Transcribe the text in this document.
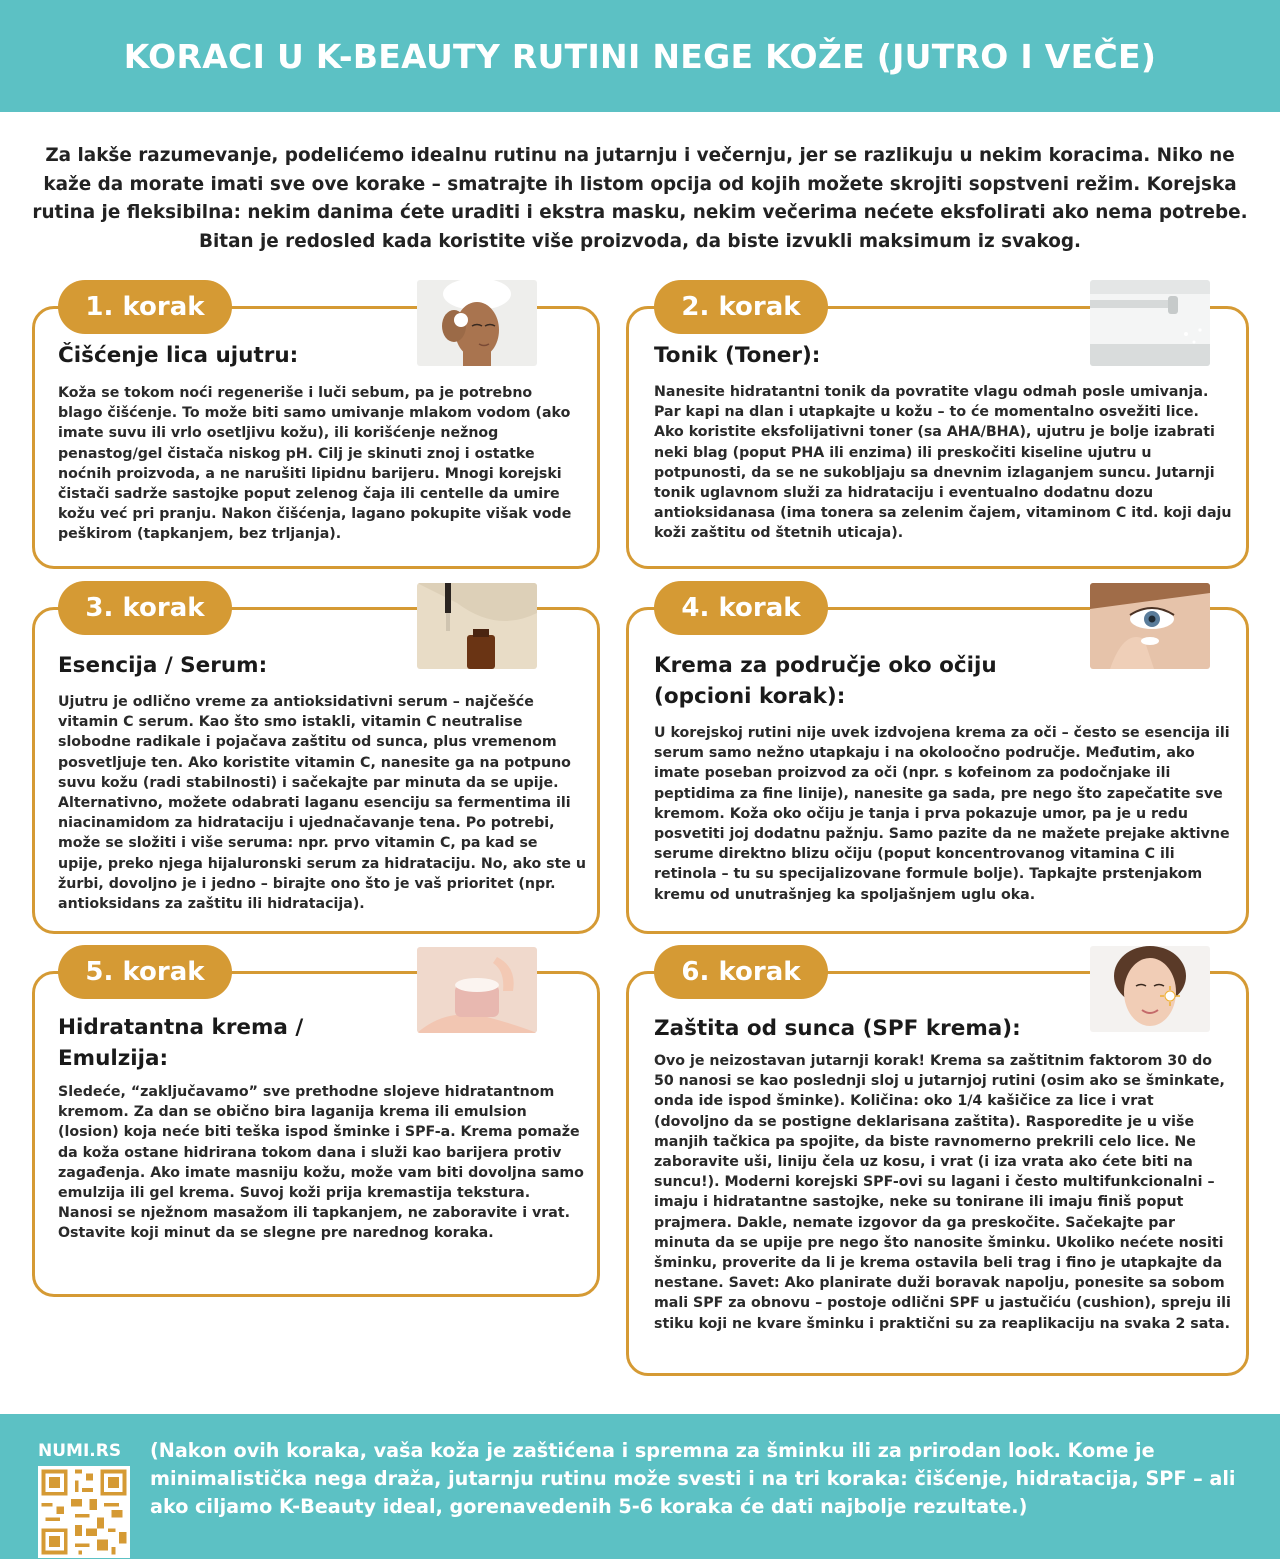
KORACI U K-BEAUTY RUTINI NEGE KOŽE (JUTRO I VEČE)

Za lakše razumevanje, podelićemo idealnu rutinu na jutarnju i večernju, jer se razlikuju u nekim koracima. Niko ne kaže da morate imati sve ove korake – smatrajte ih listom opcija od kojih možete skrojiti sopstveni režim. Korejska rutina je fleksibilna: nekim danima ćete uraditi i ekstra masku, nekim večerima nećete eksfolirati ako nema potrebe. Bitan je redosled kada koristite više proizvoda, da biste izvukli maksimum iz svakog.

1. korak
Čišćenje lica ujutru:
Koža se tokom noći regeneriše i luči sebum, pa je potrebno blago čišćenje. To može biti samo umivanje mlakom vodom (ako imate suvu ili vrlo osetljivu kožu), ili korišćenje nežnog penastog/gel čistača niskog pH. Cilj je skinuti znoj i ostatke noćnih proizvoda, a ne narušiti lipidnu barijeru. Mnogi korejski čistači sadrže sastojke poput zelenog čaja ili centelle da umire kožu već pri pranju. Nakon čišćenja, lagano pokupite višak vode peškirom (tapkanjem, bez trljanja).
2. korak
Tonik (Toner):
Nanesite hidratantni tonik da povratite vlagu odmah posle umivanja. Par kapi na dlan i utapkajte u kožu – to će momentalno osvežiti lice. Ako koristite eksfolijativni toner (sa AHA/BHA), ujutru je bolje izabrati neki blag (poput PHA ili enzima) ili preskočiti kiseline ujutru u potpunosti, da se ne sukobljaju sa dnevnim izlaganjem suncu. Jutarnji tonik uglavnom služi za hidrataciju i eventualno dodatnu dozu antioksidanasa (ima tonera sa zelenim čajem, vitaminom C itd. koji daju koži zaštitu od štetnih uticaja).
3. korak
Esencija / Serum:
Ujutru je odlično vreme za antioksidativni serum – najčešće vitamin C serum. Kao što smo istakli, vitamin C neutralise slobodne radikale i pojačava zaštitu od sunca, plus vremenom posvetljuje ten. Ako koristite vitamin C, nanesite ga na potpuno suvu kožu (radi stabilnosti) i sačekajte par minuta da se upije. Alternativno, možete odabrati laganu esenciju sa fermentima ili niacinamidom za hidrataciju i ujednačavanje tena. Po potrebi, može se složiti i više seruma: npr. prvo vitamin C, pa kad se upije, preko njega hijaluronski serum za hidrataciju. No, ako ste u žurbi, dovoljno je i jedno – birajte ono što je vaš prioritet (npr. antioksidans za zaštitu ili hidratacija).
4. korak
Krema za područje oko očiju (opcioni korak):
U korejskoj rutini nije uvek izdvojena krema za oči – često se esencija ili serum samo nežno utapkaju i na okoloočno područje. Međutim, ako imate poseban proizvod za oči (npr. s kofeinom za podočnjake ili peptidima za fine linije), nanesite ga sada, pre nego što zapečatite sve kremom. Koža oko očiju je tanja i prva pokazuje umor, pa je u redu posvetiti joj dodatnu pažnju. Samo pazite da ne mažete prejake aktivne serume direktno blizu očiju (poput koncentrovanog vitamina C ili retinola – tu su specijalizovane formule bolje). Tapkajte prstenjakom kremu od unutrašnjeg ka spoljašnjem uglu oka.
5. korak
Hidratantna krema / Emulzija:
Sledeće, “zaključavamo” sve prethodne slojeve hidratantnom kremom. Za dan se obično bira laganija krema ili emulsion (losion) koja neće biti teška ispod šminke i SPF-a. Krema pomaže da koža ostane hidrirana tokom dana i služi kao barijera protiv zagađenja. Ako imate masniju kožu, može vam biti dovoljna samo emulzija ili gel krema. Suvoj koži prija kremastija tekstura. Nanosi se nježnom masažom ili tapkanjem, ne zaboravite i vrat. Ostavite koji minut da se slegne pre narednog koraka.
6. korak
Zaštita od sunca (SPF krema):
Ovo je neizostavan jutarnji korak! Krema sa zaštitnim faktorom 30 do 50 nanosi se kao poslednji sloj u jutarnjoj rutini (osim ako se šminkate, onda ide ispod šminke). Količina: oko 1/4 kašičice za lice i vrat (dovoljno da se postigne deklarisana zaštita). Rasporedite je u više manjih tačkica pa spojite, da biste ravnomerno prekrili celo lice. Ne zaboravite uši, liniju čela uz kosu, i vrat (i iza vrata ako ćete biti na suncu!). Moderni korejski SPF-ovi su lagani i često multifunkcionalni – imaju i hidratantne sastojke, neke su tonirane ili imaju finiš poput prajmera. Dakle, nemate izgovor da ga preskočite. Sačekajte par minuta da se upije pre nego što nanosite šminku. Ukoliko nećete nositi šminku, proverite da li je krema ostavila beli trag i fino je utapkajte da nestane. Savet: Ako planirate duži boravak napolju, ponesite sa sobom mali SPF za obnovu – postoje odlični SPF u jastučiću (cushion), spreju ili stiku koji ne kvare šminku i praktični su za reaplikaciju na svaka 2 sata.
NUMI.RS (Nakon ovih koraka, vaša koža je zaštićena i spremna za šminku ili za prirodan look. Kome je minimalistička nega draža, jutarnju rutinu može svesti i na tri koraka: čišćenje, hidratacija, SPF – ali ako ciljamo K-Beauty ideal, gorenavedenih 5-6 koraka će dati najbolje rezultate.)
